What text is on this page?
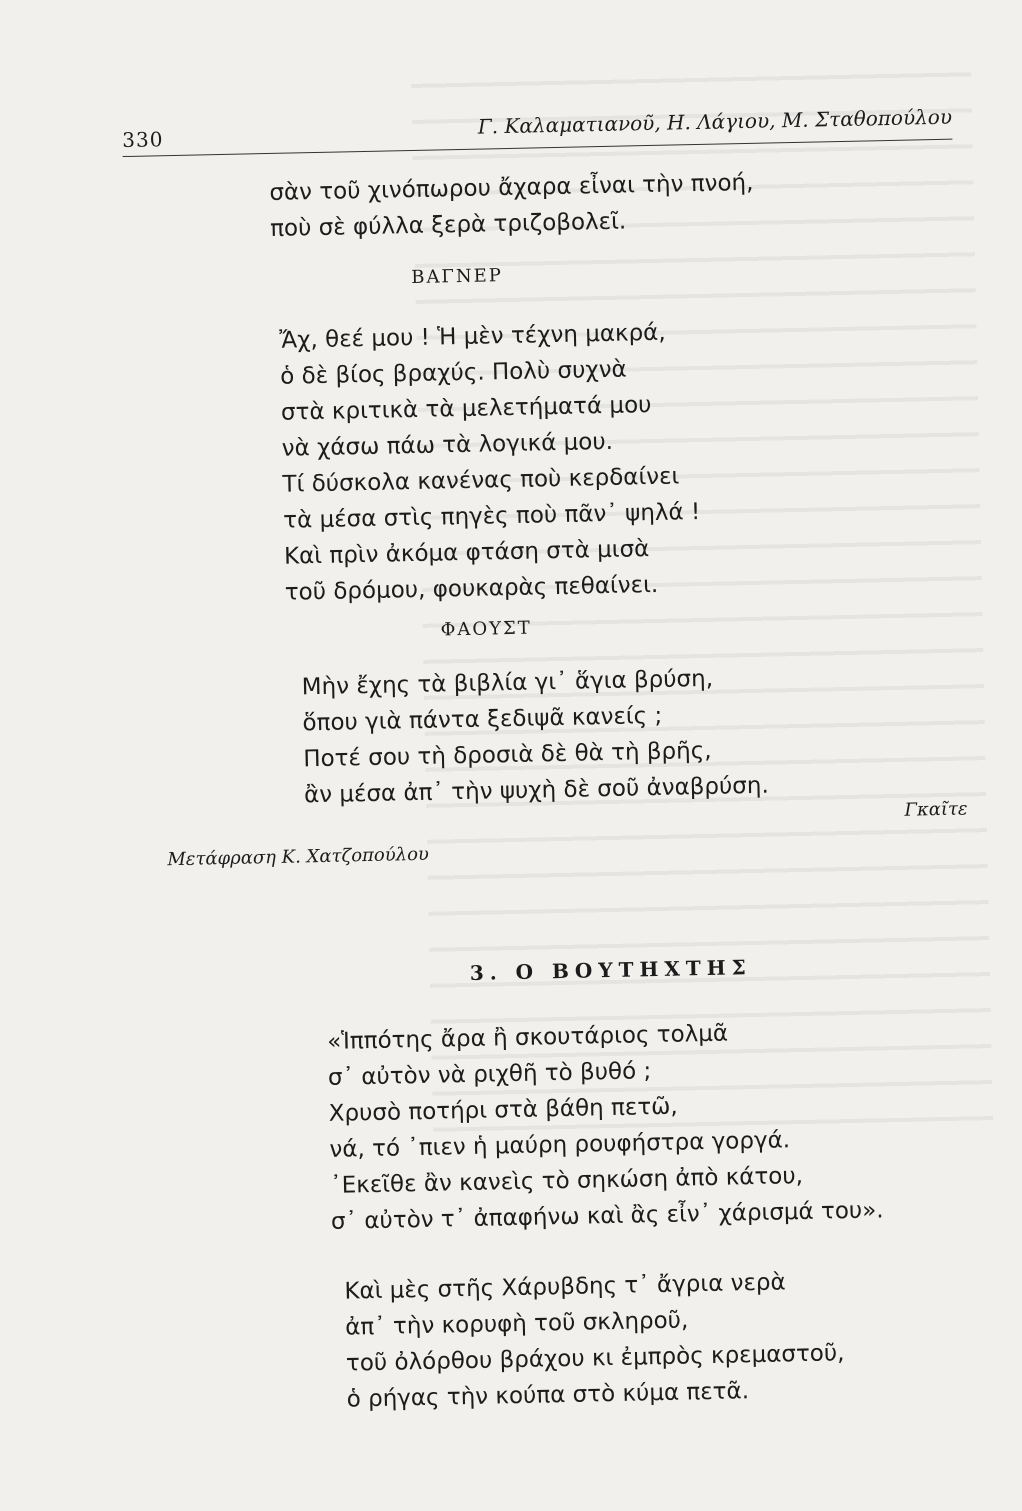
330
Γ. Καλαματιανοῦ, Η. Λάγιου, Μ. Σταθοπούλου
σὰν τοῦ χινόπωρου ἄχαρα εἶναι τὴν πνοή,
ποὺ σὲ φύλλα ξερὰ τριζοβολεῖ.
ΒΑΓΝΕΡ
Ἄχ, θεέ μου ! Ἡ μὲν τέχνη μακρά,
ὁ δὲ βίος βραχύς. Πολὺ συχνὰ
στὰ κριτικὰ τὰ μελετήματά μου
νὰ χάσω πάω τὰ λογικά μου.
Τί δύσκολα κανένας ποὺ κερδαίνει
τὰ μέσα στὶς πηγὲς ποὺ πᾶν᾽ ψηλά !
Καὶ πρὶν ἀκόμα φτάση στὰ μισὰ
τοῦ δρόμου, φουκαρὰς πεθαίνει.
ΦΑΟΥΣΤ
Μὴν ἔχης τὰ βιβλία γι᾽ ἅγια βρύση,
ὅπου γιὰ πάντα ξεδιψᾶ κανείς ;
Ποτέ σου τὴ δροσιὰ δὲ θὰ τὴ βρῆς,
ἂν μέσα ἀπ᾽ τὴν ψυχὴ δὲ σοῦ ἀναβρύση.
Γκαῖτε
Μετάφραση Κ. Χατζοπούλου
3. Ο ΒΟΥΤΗΧΤΗΣ
«Ἱππότης ἄρα ἢ σκουτάριος τολμᾶ
σ᾽ αὐτὸν νὰ ριχθῆ τὸ βυθό ;
Χρυσὸ ποτήρι στὰ βάθη πετῶ,
νά, τό ᾽πιεν ἡ μαύρη ρουφήστρα γοργά.
᾽Εκεῖθε ἂν κανεὶς τὸ σηκώση ἀπὸ κάτου,
σ᾽ αὐτὸν τ᾽ ἀπαφήνω καὶ ἂς εἶν᾽ χάρισμά του».
Καὶ μὲς στῆς Χάρυβδης τ᾽ ἄγρια νερὰ
ἀπ᾽ τὴν κορυφὴ τοῦ σκληροῦ,
τοῦ ὀλόρθου βράχου κι ἐμπρὸς κρεμαστοῦ,
ὁ ρήγας τὴν κούπα στὸ κύμα πετᾶ.
